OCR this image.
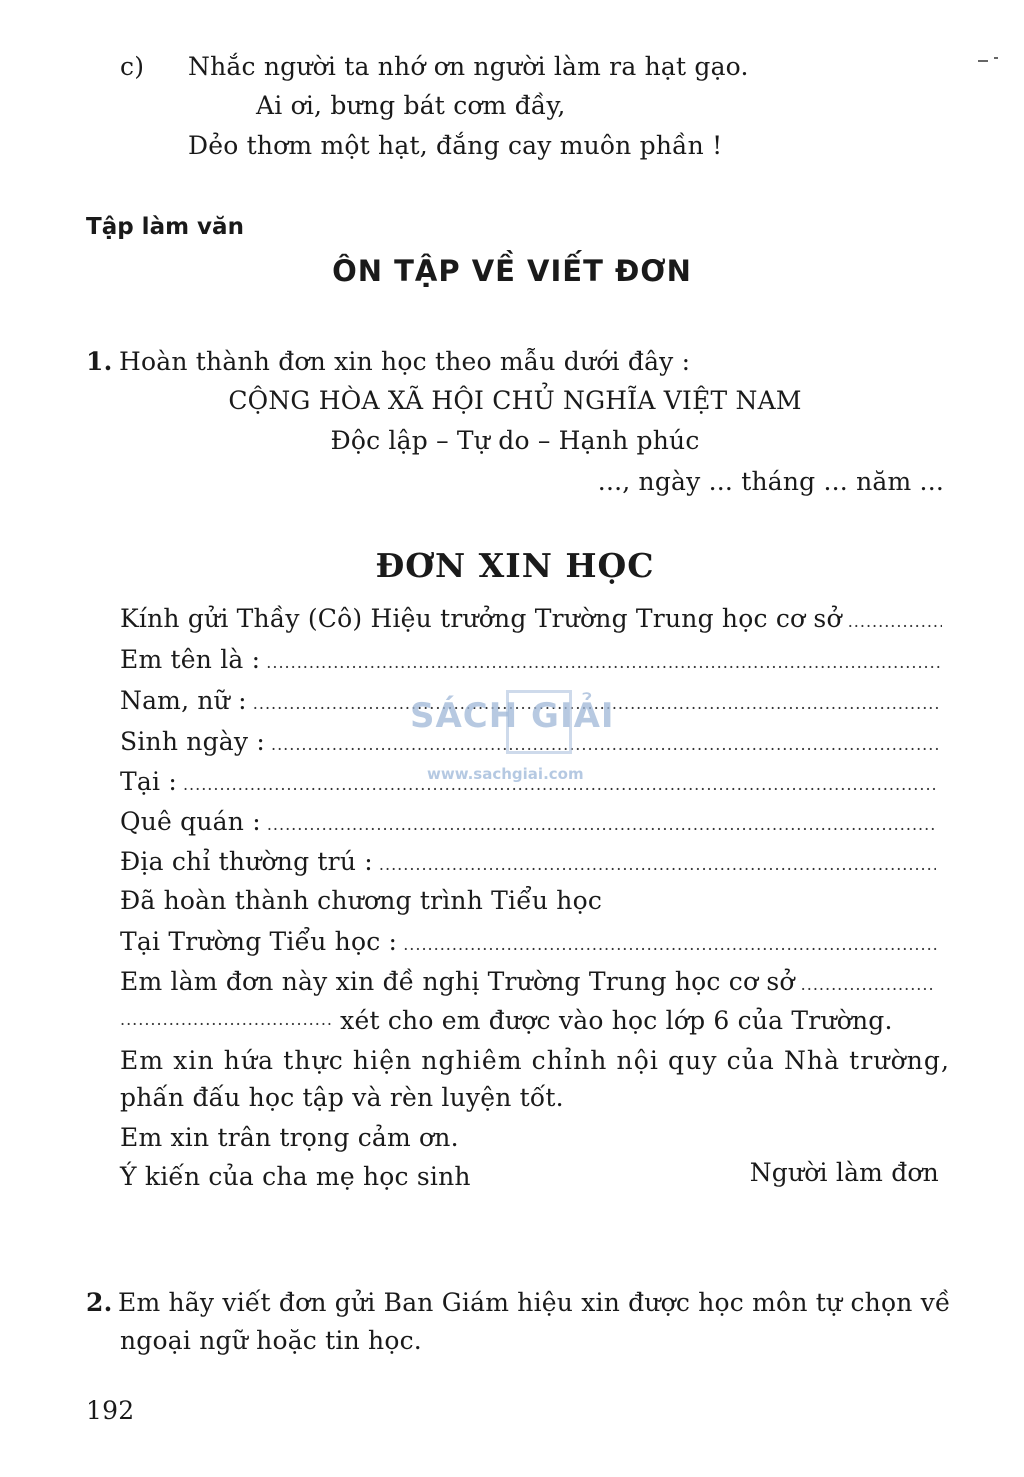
c) Nhắc người ta nhớ ơn người làm ra hạt gạo.
Ai ơi, bưng bát cơm đầy,
Dẻo thơm một hạt, đắng cay muôn phần !
Tập làm văn
ÔN TẬP VỀ VIẾT ĐƠN
1. Hoàn thành đơn xin học theo mẫu dưới đây :
CỘNG HÒA XÃ HỘI CHỦ NGHĨA VIỆT NAM
Độc lập – Tự do – Hạnh phúc
..., ngày ... tháng ... năm ...
ĐƠN XIN HỌC
Kính gửi Thầy (Cô) Hiệu trưởng Trường Trung học cơ sở
.....
Em tên là :
.....
Nam, nữ :
.....
Sinh ngày :
.....
Tại :
.....
Quê quán :
.....
Địa chỉ thường trú :
.....
Đã hoàn thành chương trình Tiểu học
Tại Trường Tiểu học :
.....
Em làm đơn này xin đề nghị Trường Trung học cơ sở
.....
..... xét cho em được vào học lớp 6 của Trường.
Em xin hứa thực hiện nghiêm chỉnh nội quy của Nhà trường,
phấn đấu học tập và rèn luyện tốt.
Em xin trân trọng cảm ơn.
Ý kiến của cha mẹ học sinh	Người làm đơn
2. Em hãy viết đơn gửi Ban Giám hiệu xin được học môn tự chọn về
ngoại ngữ hoặc tin học.
192
SÁCH GIẢI
www.sachgiai.com
